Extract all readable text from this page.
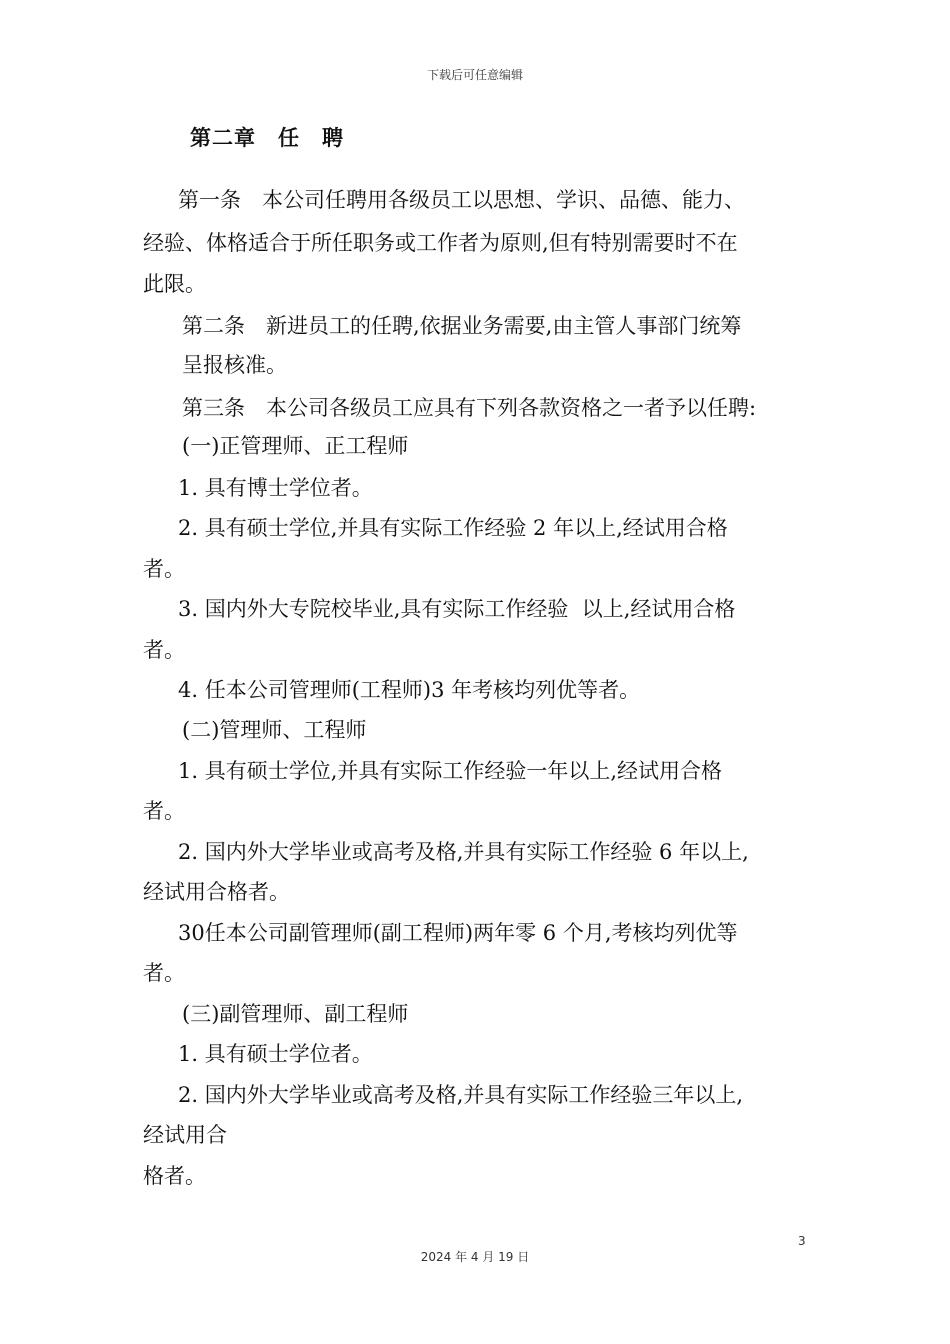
下载后可任意编辑
第二章　任　聘
第一条　本公司任聘用各级员工以思想、学识、品德、能力、
经验、体格适合于所任职务或工作者为原则,但有特别需要时不在
此限。
第二条　新进员工的任聘,依据业务需要,由主管人事部门统筹
呈报核准。
第三条　本公司各级员工应具有下列各款资格之一者予以任聘:
(一)正管理师、正工程师
1. 具有博士学位者。
2. 具有硕士学位,并具有实际工作经验 2 年以上,经试用合格
者。
3. 国内外大专院校毕业,具有实际工作经验  以上,经试用合格
者。
4. 任本公司管理师(工程师)3 年考核均列优等者。
(二)管理师、工程师
1. 具有硕士学位,并具有实际工作经验一年以上,经试用合格
者。
2. 国内外大学毕业或高考及格,并具有实际工作经验 6 年以上,
经试用合格者。
30任本公司副管理师(副工程师)两年零 6 个月,考核均列优等
者。
(三)副管理师、副工程师
1. 具有硕士学位者。
2. 国内外大学毕业或高考及格,并具有实际工作经验三年以上,
经试用合
格者。
3
2024 年 4 月 19 日
